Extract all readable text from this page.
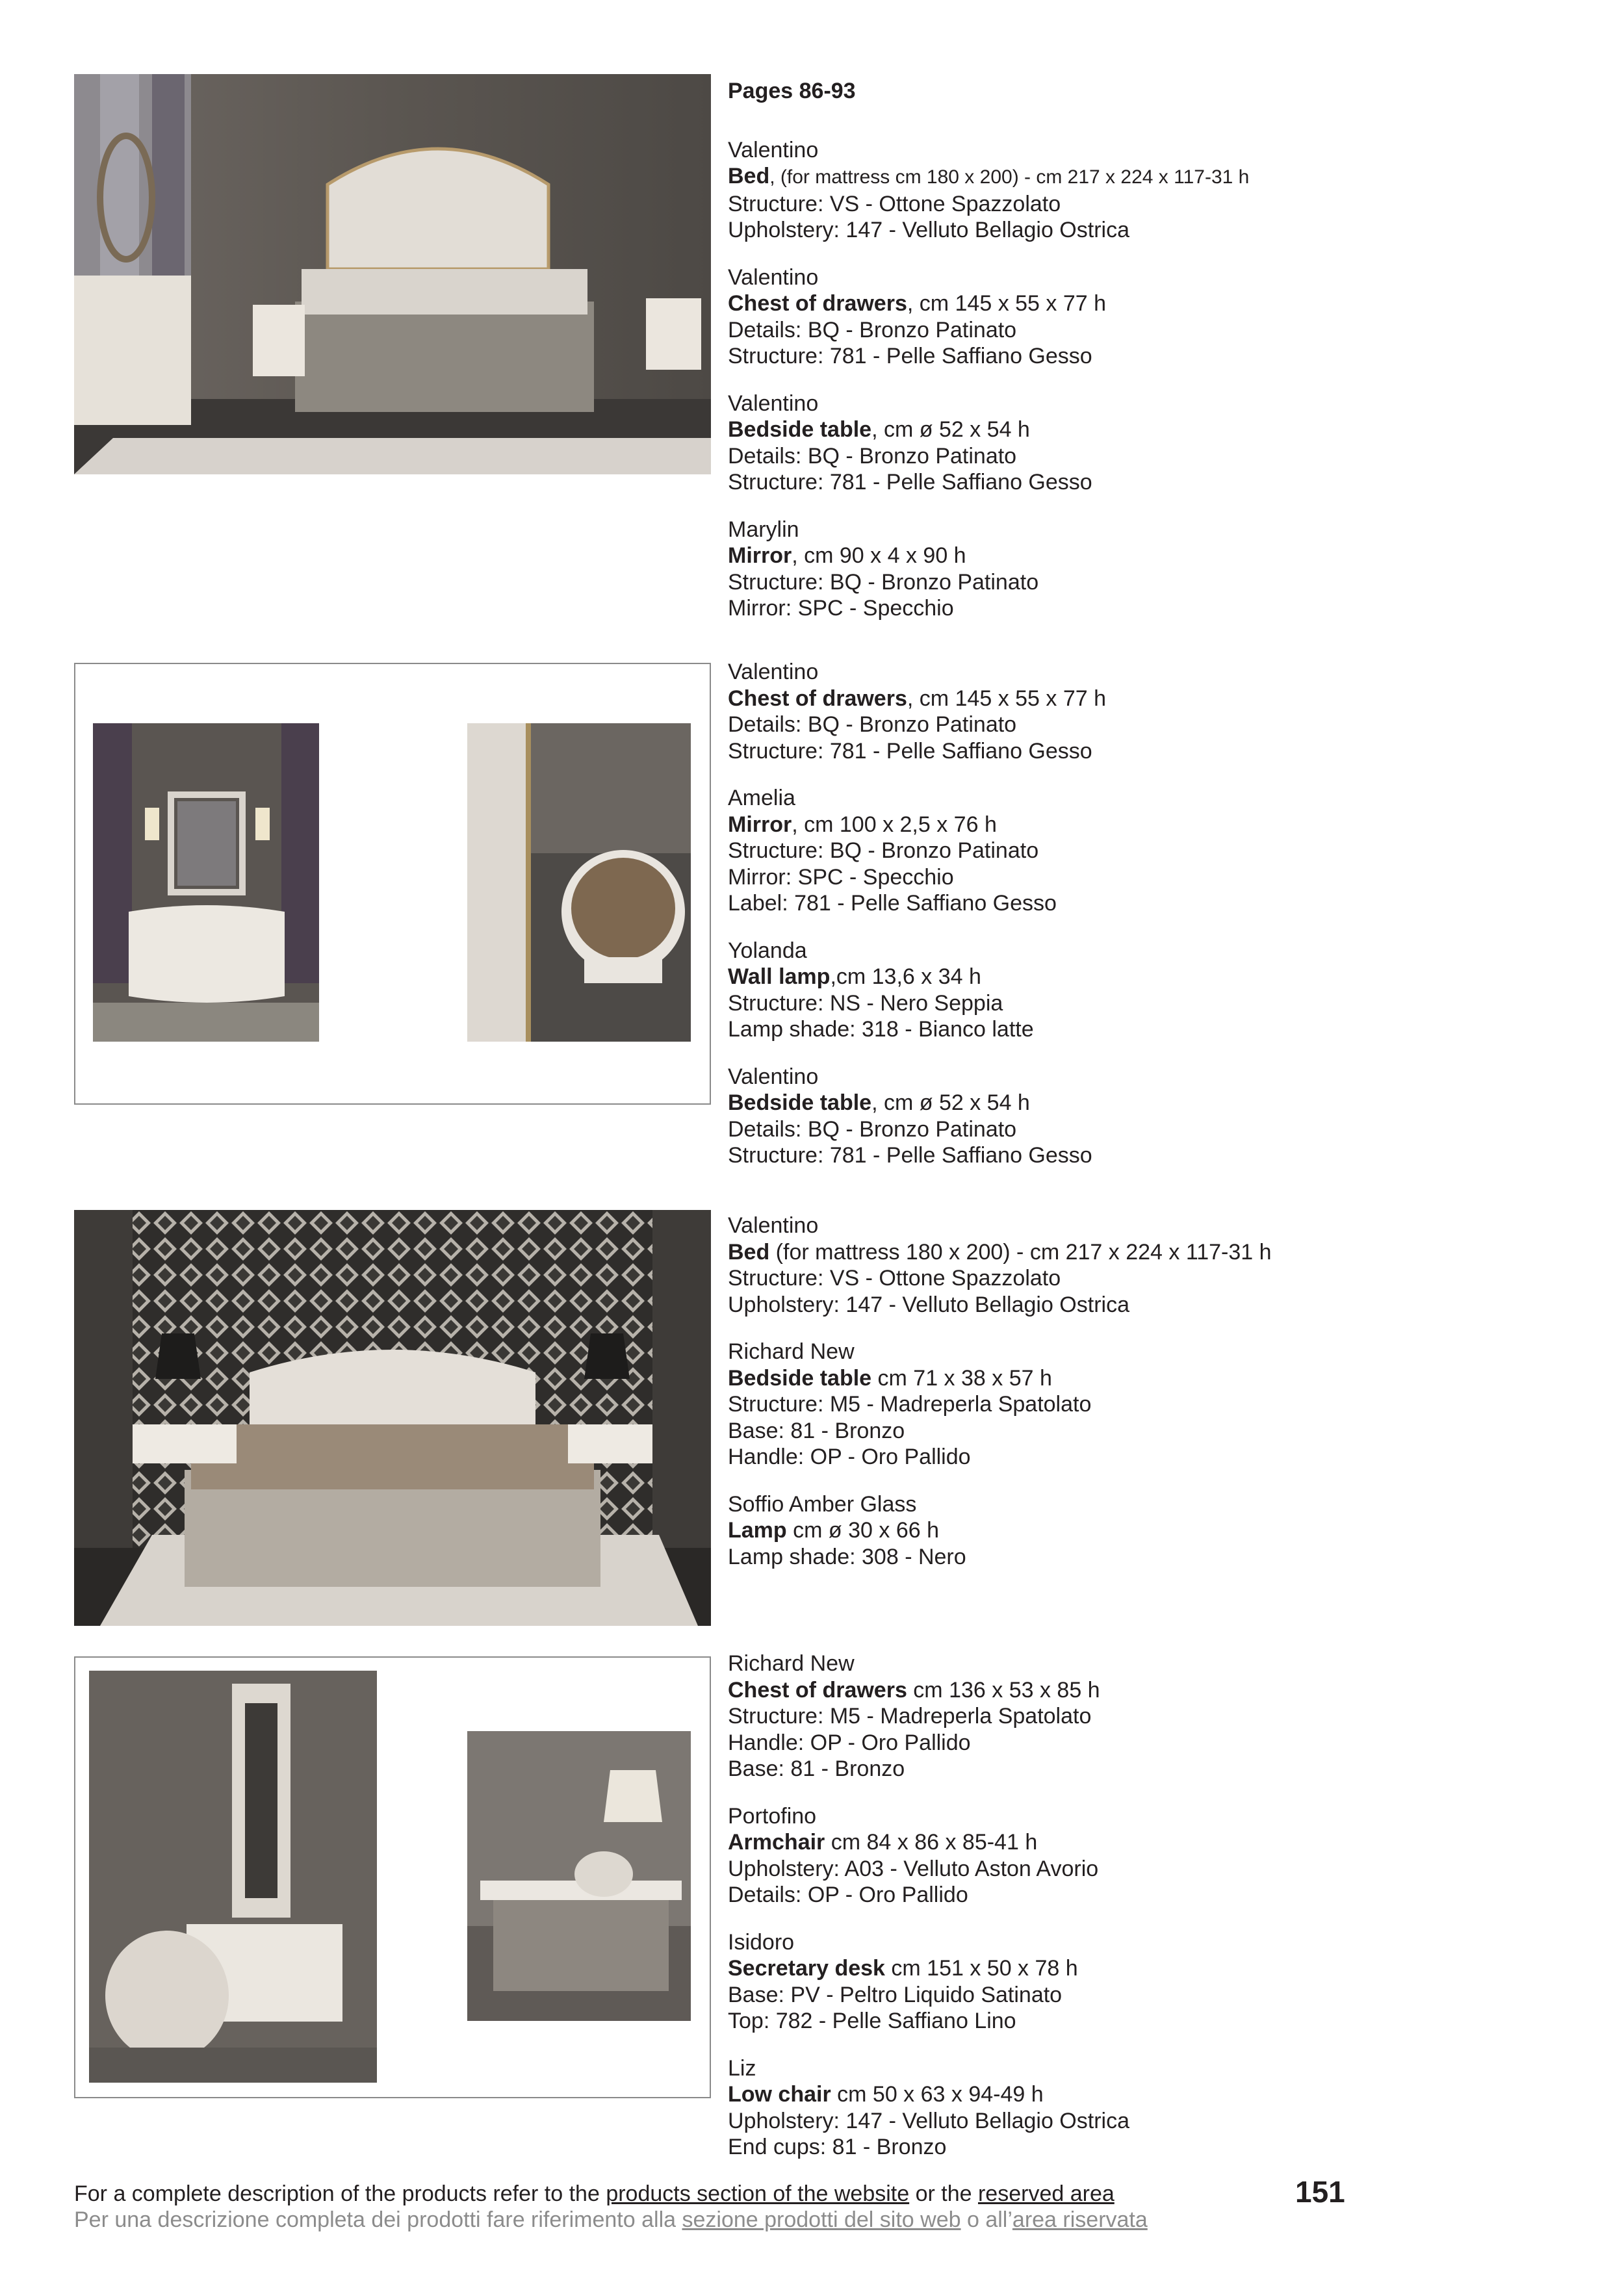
Pages 86-93

Valentino

Bed, (for mattress cm 180 x 200) - cm 217 x 224 x 117-31 h

Structure: VS - Ottone Spazzolato

Upholstery: 147 - Velluto Bellagio Ostrica

Valentino

Chest of drawers, cm 145 x 55 x 77 h

Details: BQ - Bronzo Patinato

Structure: 781 - Pelle Saffiano Gesso

Valentino

Bedside table, cm ø 52 x 54 h

Details: BQ - Bronzo Patinato

Structure: 781 - Pelle Saffiano Gesso

Marylin

Mirror, cm 90 x 4 x 90 h

Structure: BQ - Bronzo Patinato

Mirror: SPC - Specchio

Valentino

Chest of drawers, cm 145 x 55 x 77 h

Details: BQ - Bronzo Patinato

Structure: 781 - Pelle Saffiano Gesso

Amelia

Mirror, cm 100 x 2,5 x 76 h

Structure: BQ - Bronzo Patinato

Mirror: SPC - Specchio

Label: 781 - Pelle Saffiano Gesso

Yolanda

Wall lamp,cm 13,6 x 34 h

Structure: NS - Nero Seppia

Lamp shade: 318 - Bianco latte

Valentino

Bedside table, cm ø 52 x 54 h

Details: BQ - Bronzo Patinato

Structure: 781 - Pelle Saffiano Gesso

Valentino

Bed (for mattress 180 x 200) - cm 217 x 224 x 117-31 h

Structure: VS - Ottone Spazzolato

Upholstery: 147 - Velluto Bellagio Ostrica

Richard New

Bedside table cm 71 x 38 x 57 h

Structure: M5 - Madreperla Spatolato

Base: 81 - Bronzo

Handle: OP - Oro Pallido

Soffio Amber Glass

Lamp cm ø 30 x 66 h

Lamp shade: 308 - Nero

Richard New

Chest of drawers cm 136 x 53 x 85 h

Structure: M5 - Madreperla Spatolato

Handle: OP - Oro Pallido

Base: 81 - Bronzo

Portofino

Armchair cm 84 x 86 x 85-41 h

Upholstery: A03 - Velluto Aston Avorio

Details: OP - Oro Pallido

Isidoro

Secretary desk cm 151 x 50 x 78 h

Base: PV - Peltro Liquido Satinato

Top: 782 - Pelle Saffiano Lino

Liz

Low chair cm 50 x 63 x 94-49 h

Upholstery: 147 - Velluto Bellagio Ostrica

End cups: 81 - Bronzo

For a complete description of the products refer to the products section of the website or the reserved area
Per una descrizione completa dei prodotti fare riferimento alla sezione prodotti del sito web o all’area riservata
151
